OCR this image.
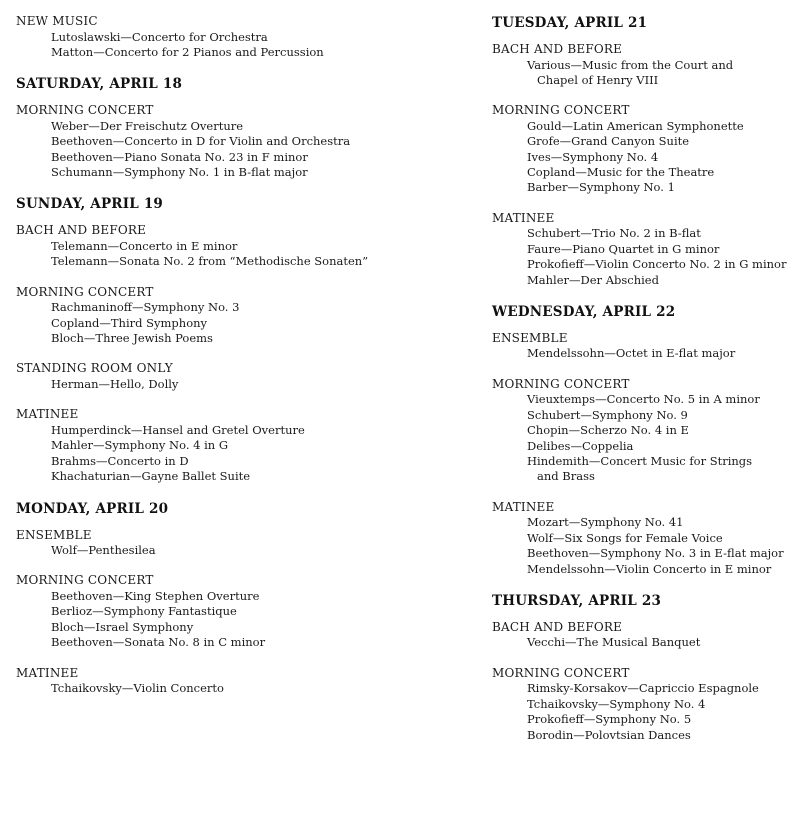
NEW MUSIC
Lutoslawski—Concerto for Orchestra
Matton—Concerto for 2 Pianos and Percussion
SATURDAY, APRIL 18
MORNING CONCERT
Weber—Der Freischutz Overture
Beethoven—Concerto in D for Violin and Orchestra
Beethoven—Piano Sonata No. 23 in F minor
Schumann—Symphony No. 1 in B-flat major
SUNDAY, APRIL 19
BACH AND BEFORE
Telemann—Concerto in E minor
Telemann—Sonata No. 2 from “Methodische Sonaten”
MORNING CONCERT
Rachmaninoff—Symphony No. 3
Copland—Third Symphony
Bloch—Three Jewish Poems
STANDING ROOM ONLY
Herman—Hello, Dolly
MATINEE
Humperdinck—Hansel and Gretel Overture
Mahler—Symphony No. 4 in G
Brahms—Concerto in D
Khachaturian—Gayne Ballet Suite
MONDAY, APRIL 20
ENSEMBLE
Wolf—Penthesilea
MORNING CONCERT
Beethoven—King Stephen Overture
Berlioz—Symphony Fantastique
Bloch—Israel Symphony
Beethoven—Sonata No. 8 in C minor
MATINEE
Tchaikovsky—Violin Concerto
TUESDAY, APRIL 21
BACH AND BEFORE
Various—Music from the Court and
Chapel of Henry VIII
MORNING CONCERT
Gould—Latin American Symphonette
Grofe—Grand Canyon Suite
Ives—Symphony No. 4
Copland—Music for the Theatre
Barber—Symphony No. 1
MATINEE
Schubert—Trio No. 2 in B-flat
Faure—Piano Quartet in G minor
Prokofieff—Violin Concerto No. 2 in G minor
Mahler—Der Abschied
WEDNESDAY, APRIL 22
ENSEMBLE
Mendelssohn—Octet in E-flat major
MORNING CONCERT
Vieuxtemps—Concerto No. 5 in A minor
Schubert—Symphony No. 9
Chopin—Scherzo No. 4 in E
Delibes—Coppelia
Hindemith—Concert Music for Strings
and Brass
MATINEE
Mozart—Symphony No. 41
Wolf—Six Songs for Female Voice
Beethoven—Symphony No. 3 in E-flat major
Mendelssohn—Violin Concerto in E minor
THURSDAY, APRIL 23
BACH AND BEFORE
Vecchi—The Musical Banquet
MORNING CONCERT
Rimsky-Korsakov—Capriccio Espagnole
Tchaikovsky—Symphony No. 4
Prokofieff—Symphony No. 5
Borodin—Polovtsian Dances
